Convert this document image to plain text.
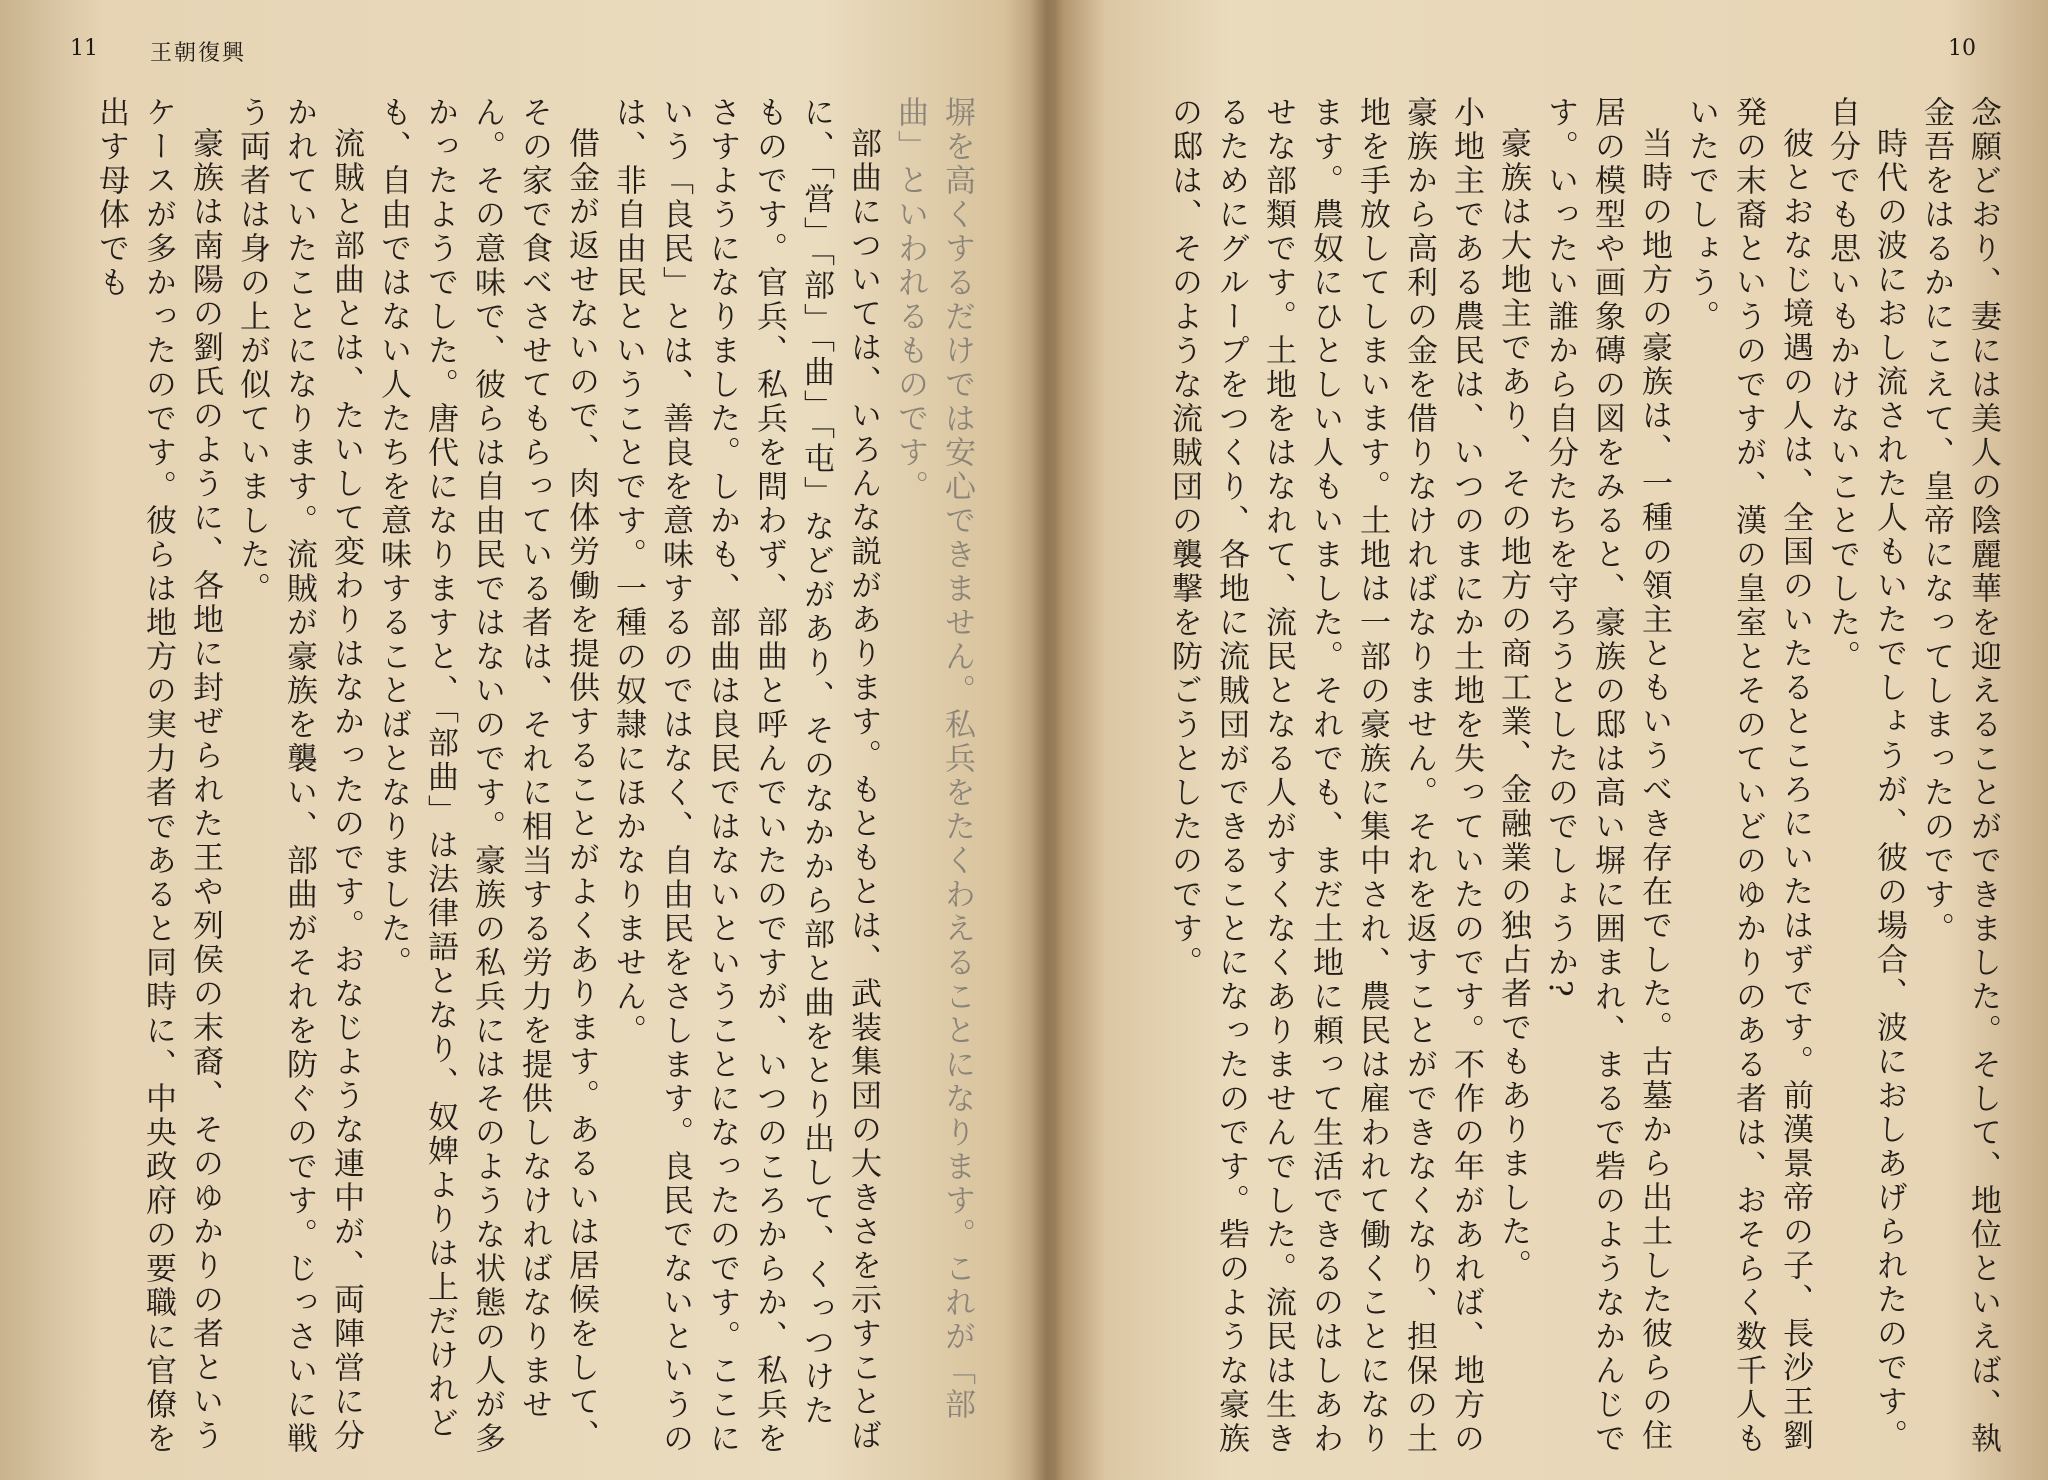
11 王朝復興

塀を高くするだけでは安心できません。私兵をたくわえることになります。これが「部曲」といわれるものです。

部曲については、いろんな説があります。もともとは、武装集団の大きさを示すことばに、「営」「部」「曲」「屯」などがあり、そのなかから部と曲をとり出して、くっつけたものです。官兵、私兵を問わず、部曲と呼んでいたのですが、いつのころからか、私兵をさすようになりました。しかも、部曲は良民ではないということになったのです。ここにいう「良民」とは、善良を意味するのではなく、自由民をさします。良民でないというのは、非自由民ということです。一種の奴隷にほかなりません。

借金が返せないので、肉体労働を提供することがよくあります。あるいは居候をして、その家で食べさせてもらっている者は、それに相当する労力を提供しなければなりません。その意味で、彼らは自由民ではないのです。豪族の私兵にはそのような状態の人が多かったようでした。唐代になりますと、「部曲」は法律語となり、奴婢よりは上だけれども、自由ではない人たちを意味することばとなりました。

流賊と部曲とは、たいして変わりはなかったのです。おなじような連中が、両陣営に分かれていたことになります。流賊が豪族を襲い、部曲がそれを防ぐのです。じっさいに戦う両者は身の上が似ていました。

豪族は南陽の劉氏のように、各地に封ぜられた王や列侯の末裔、そのゆかりの者というケースが多かったのです。彼らは地方の実力者であると同時に、中央政府の要職に官僚を出す母体でも

10

念願どおり、妻には美人の陰麗華を迎えることができました。そして、地位といえば、執金吾をはるかにこえて、皇帝になってしまったのです。

時代の波におし流された人もいたでしょうが、彼の場合、波におしあげられたのです。自分でも思いもかけないことでした。

彼とおなじ境遇の人は、全国のいたるところにいたはずです。前漢景帝の子、長沙王劉発の末裔というのですが、漢の皇室とそのていどのゆかりのある者は、おそらく数千人もいたでしょう。

当時の地方の豪族は、一種の領主ともいうべき存在でした。古墓から出土した彼らの住居の模型や画象磚の図をみると、豪族の邸は高い塀に囲まれ、まるで砦のようなかんじです。いったい誰から自分たちを守ろうとしたのでしょうか?

豪族は大地主であり、その地方の商工業、金融業の独占者でもありました。

小地主である農民は、いつのまにか土地を失っていたのです。不作の年があれば、地方の豪族から高利の金を借りなければなりません。それを返すことができなくなり、担保の土地を手放してしまいます。土地は一部の豪族に集中され、農民は雇われて働くことになります。農奴にひとしい人もいました。それでも、まだ土地に頼って生活できるのはしあわせな部類です。土地をはなれて、流民となる人がすくなくありませんでした。流民は生きるためにグループをつくり、各地に流賊団ができることになったのです。砦のような豪族の邸は、そのような流賊団の襲撃を防ごうとしたのです。
